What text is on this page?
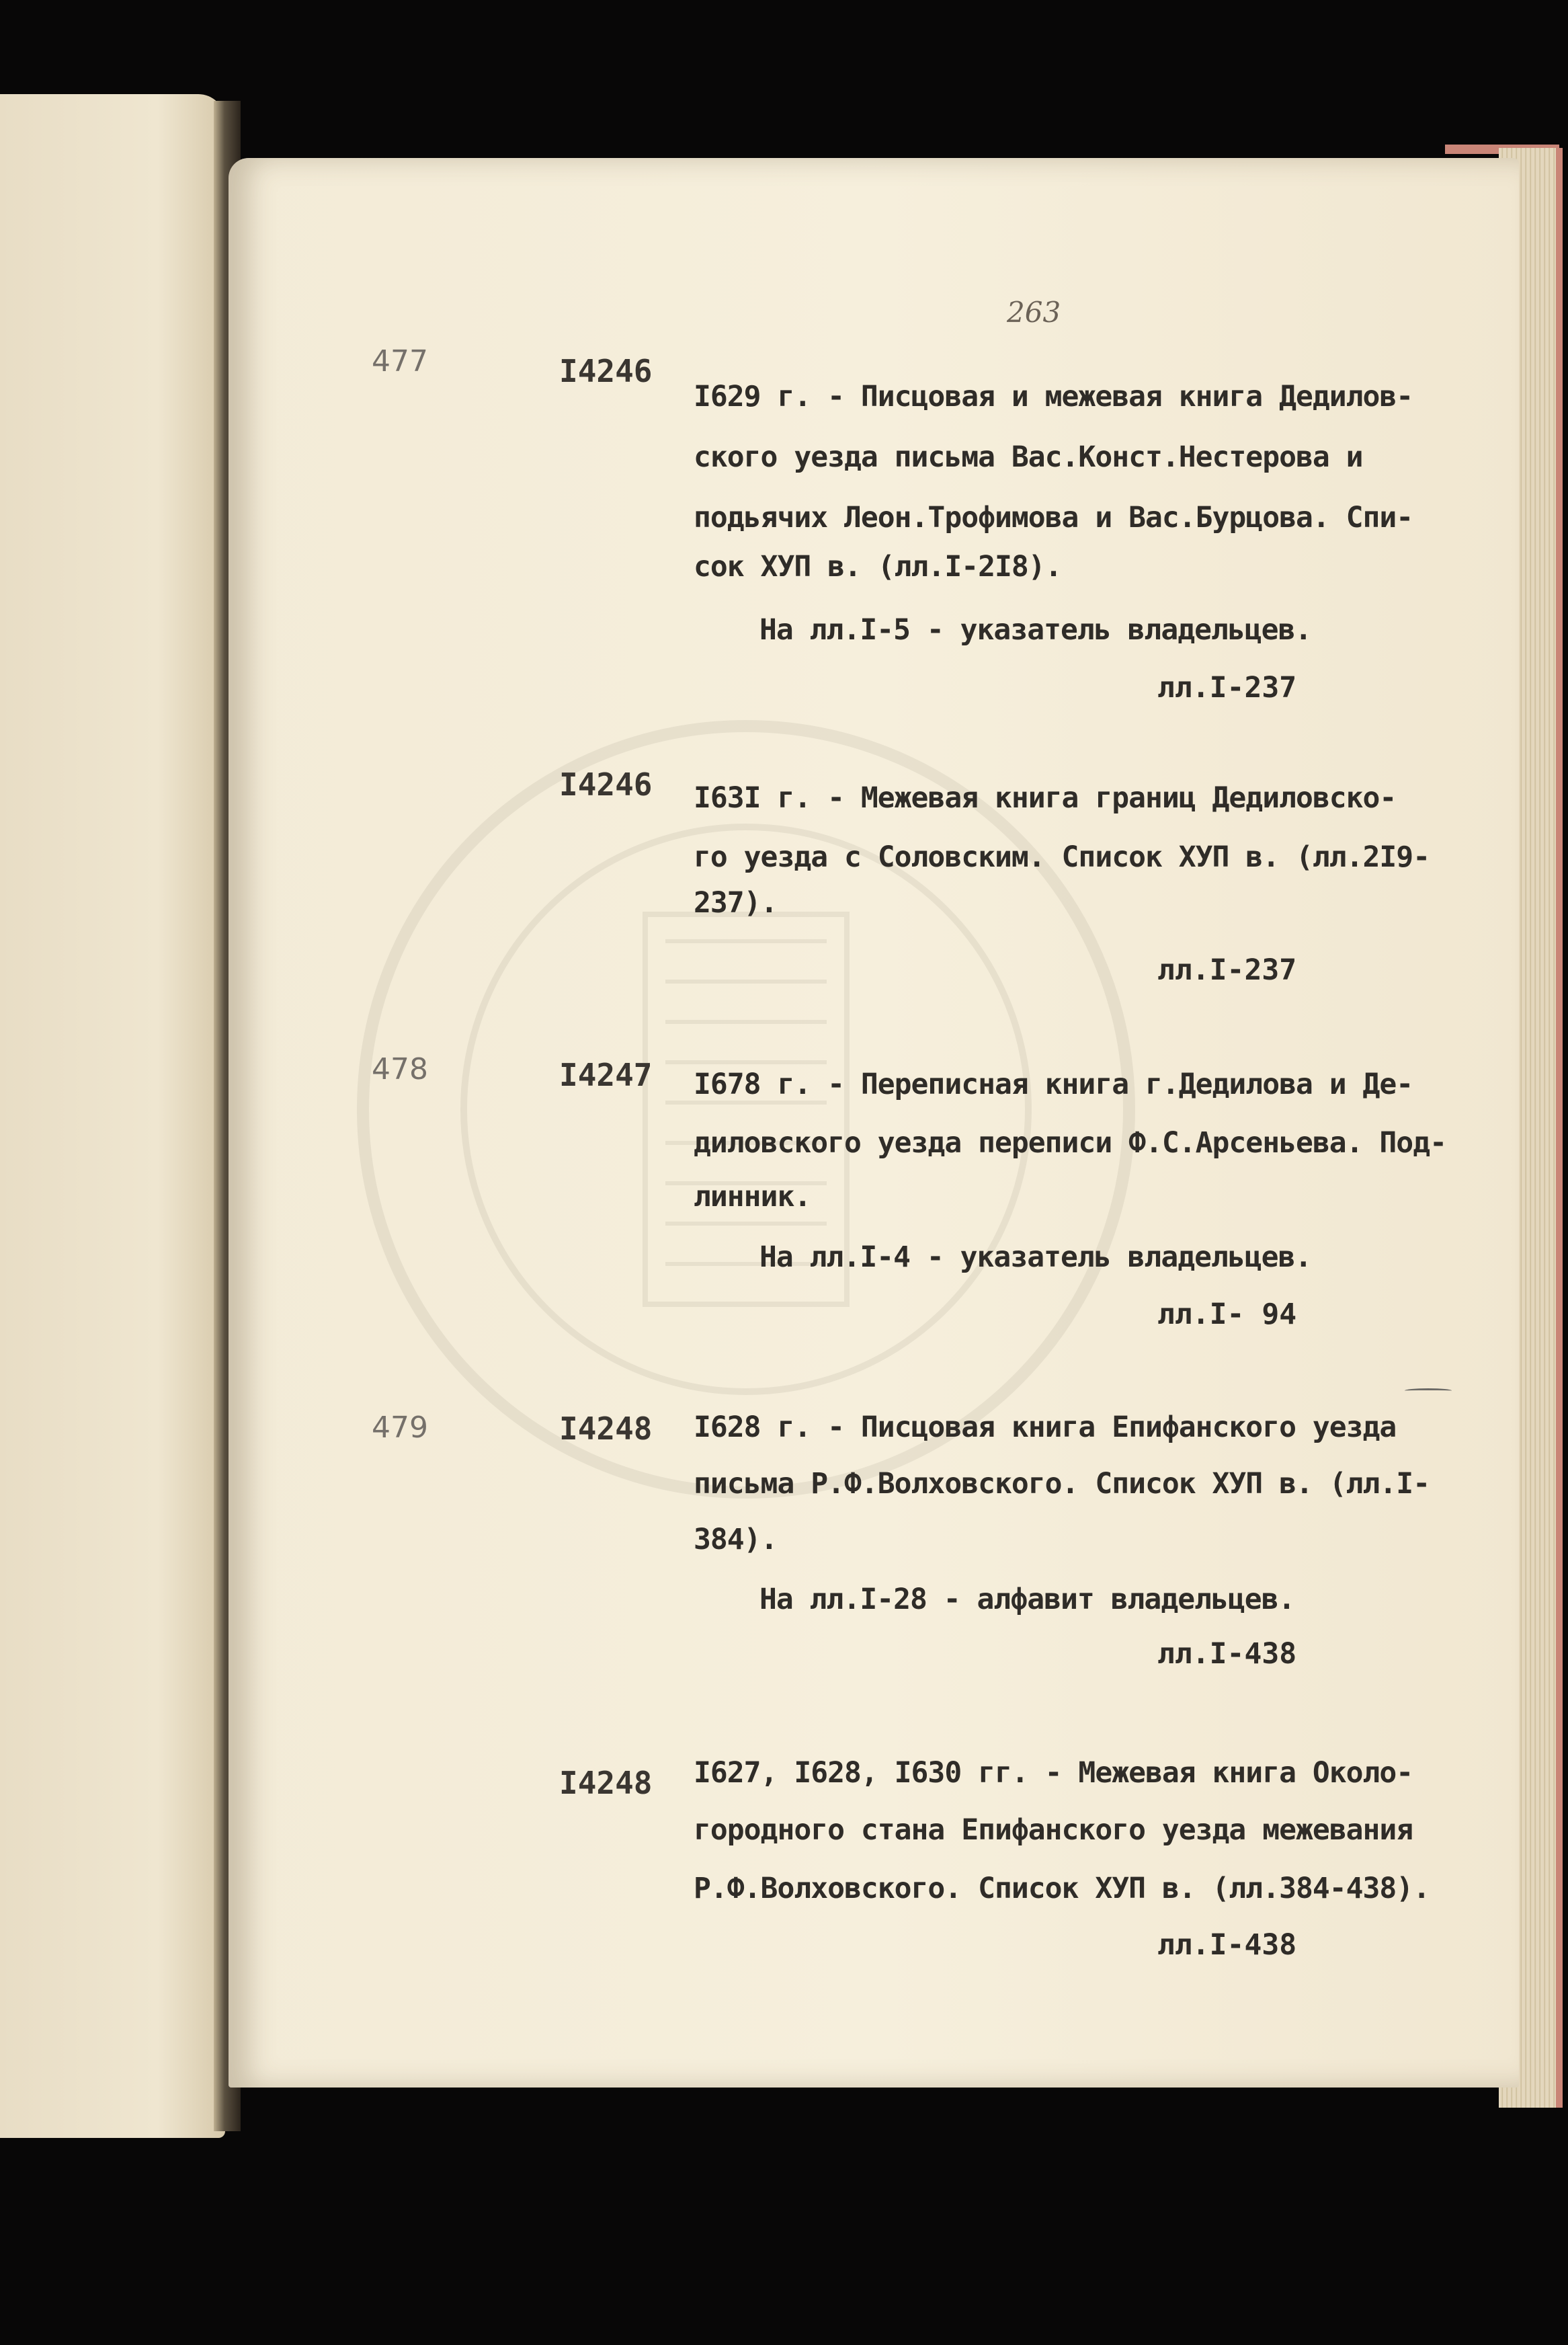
263
477	I4246
I629 г. - Писцовая и межевая книга Дедилов-
ского уезда письма Вас.Конст.Нестерова и
подьячих Леон.Трофимова и Вас.Бурцова. Спи-
сок ХУП в. (лл.I-2I8).
На лл.I-5 - указатель владельцев.
лл.I-237
I4246 I63I г. - Межевая книга границ Дедиловско-
го уезда с Соловским. Список ХУП в. (лл.2I9-
237).
лл.I-237
478	I4247 I678 г. - Переписная книга г.Дедилова и Де-
диловского уезда переписи Ф.С.Арсеньева. Под-
линник.
На лл.I-4 - указатель владельцев.
лл.I- 94
479	I4248 I628 г. - Писцовая книга Епифанского уезда
письма Р.Ф.Волховского. Список ХУП в. (лл.I-
384).
На лл.I-28 - алфавит владельцев.
лл.I-438
I4248 I627, I628, I630 гг. - Межевая книга Около-
городного стана Епифанского уезда межевания
Р.Ф.Волховского. Список ХУП в. (лл.384-438).
лл.I-438
